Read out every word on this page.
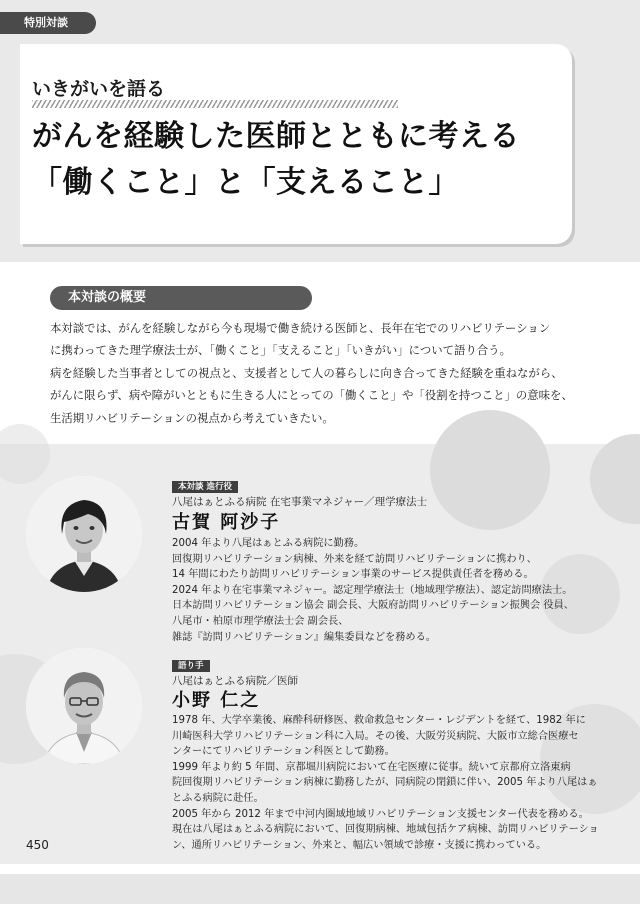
特別対談
いきがいを語る
がんを経験した医師とともに考える
「働くこと」と「支えること」
本対談の概要

本対談では、がんを経験しながら今も現場で働き続ける医師と、長年在宅でのリハビリテーション

に携わってきた理学療法士が、「働くこと」「支えること」「いきがい」について語り合う。

病を経験した当事者としての視点と、支援者として人の暮らしに向き合ってきた経験を重ねながら、

がんに限らず、病や障がいとともに生きる人にとっての「働くこと」や「役割を持つこと」の意味を、

生活期リハビリテーションの視点から考えていきたい。

本対談 進行役
八尾はぁとふる病院 在宅事業マネジャー／理学療法士
古賀 阿沙子

2004 年より八尾はぁとふる病院に勤務。

回復期リハビリテーション病棟、外来を経て訪問リハビリテーションに携わり、

14 年間にわたり訪問リハビリテーション事業のサービス提供責任者を務める。

2024 年より在宅事業マネジャー。認定理学療法士（地域理学療法）、認定訪問療法士。

日本訪問リハビリテーション協会 副会長、大阪府訪問リハビリテーション振興会 役員、

八尾市・柏原市理学療法士会 副会長、

雑誌『訪問リハビリテーション』編集委員などを務める。

語り手
八尾はぁとふる病院／医師
小野 仁之

1978 年、大学卒業後、麻酔科研修医、救命救急センター・レジデントを経て、1982 年に

川崎医科大学リハビリテーション科に入局。その後、大阪労災病院、大阪市立総合医療セ

ンターにてリハビリテーション科医として勤務。

1999 年より約 5 年間、京都堀川病院において在宅医療に従事。続いて京都府立洛東病

院回復期リハビリテーション病棟に勤務したが、同病院の閉鎖に伴い、2005 年より八尾はぁ

とふる病院に赴任。

2005 年から 2012 年まで中河内圏域地域リハビリテーション支援センター代表を務める。

現在は八尾はぁとふる病院において、回復期病棟、地域包括ケア病棟、訪問リハビリテーショ

ン、通所リハビリテーション、外来と、幅広い領域で診療・支援に携わっている。

450
